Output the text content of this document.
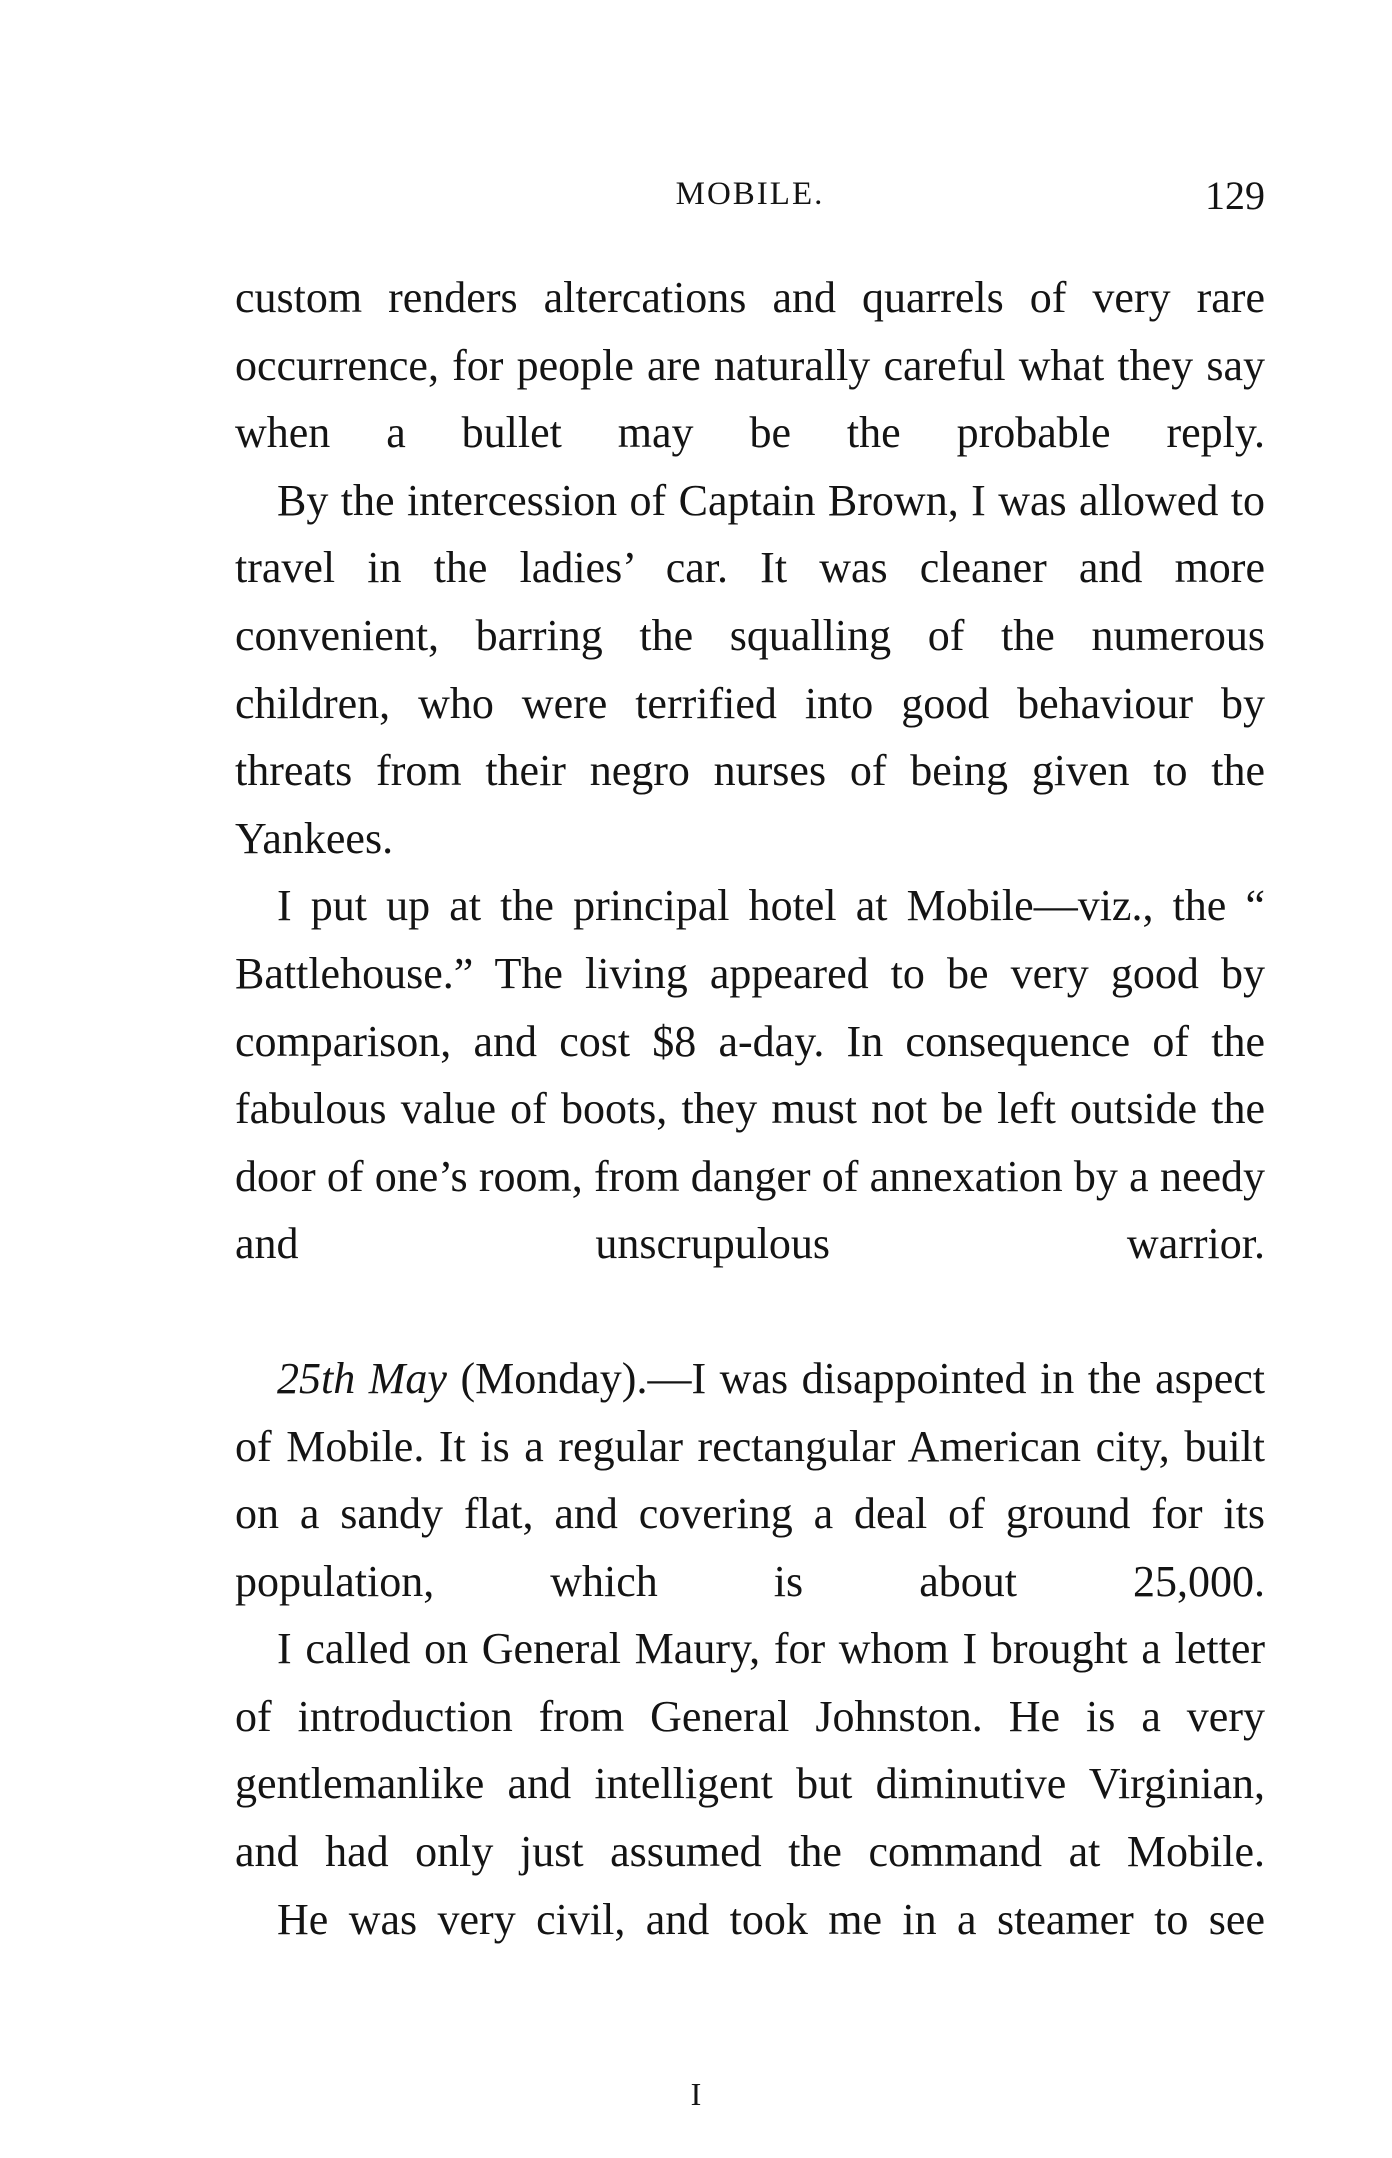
MOBILE.	129

custom renders altercations and quarrels of very rare occurrence, for people are naturally careful what they say when a bullet may be the probable reply.

By the intercession of Captain Brown, I was allowed to travel in the ladies’ car. It was cleaner and more convenient, barring the squalling of the numerous children, who were terrified into good behaviour by threats from their negro nurses of being given to the Yankees.

I put up at the principal hotel at Mobile—viz., the “ Battlehouse.” The living appeared to be very good by comparison, and cost $8 a-day. In consequence of the fabulous value of boots, they must not be left outside the door of one’s room, from danger of annexation by a needy and unscrupulous warrior.

25th May (Monday).—I was disappointed in the aspect of Mobile. It is a regular rectangular American city, built on a sandy flat, and covering a deal of ground for its population, which is about 25,000.

I called on General Maury, for whom I brought a letter of introduction from General Johnston. He is a very gentlemanlike and intelligent but diminutive Virginian, and had only just assumed the command at Mobile.

He was very civil, and took me in a steamer to see

I
